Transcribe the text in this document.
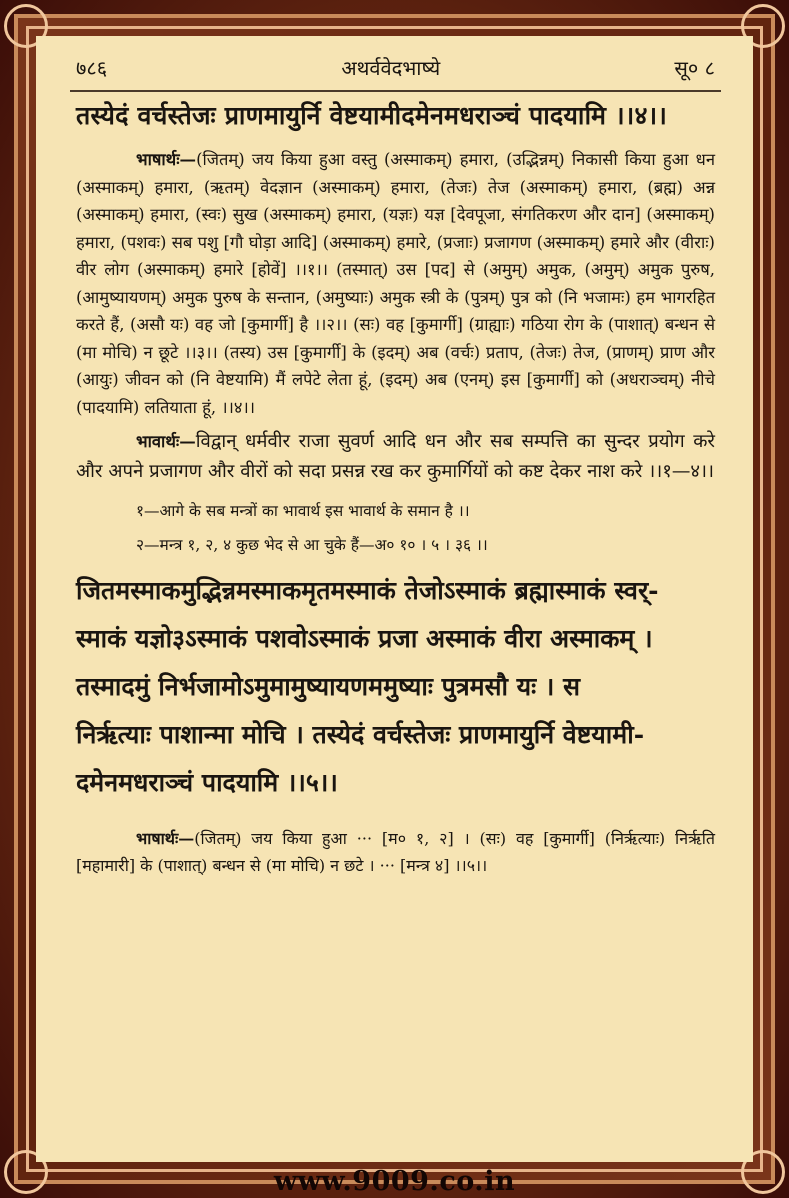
७८६	अथर्ववेदभाष्ये	सू० ८
तस्येदं वर्चस्तेजः प्राणमायुर्नि वेष्टयामीदमेनमधराञ्चं पादयामि ।।४।।
भाषार्थः—(जितम्) जय किया हुआ वस्तु (अस्माकम्) हमारा, (उद्भिन्नम्) निकासी किया हुआ धन (अस्माकम्) हमारा, (ऋतम्) वेदज्ञान (अस्माकम्) हमारा, (तेजः) तेज (अस्माकम्) हमारा, (ब्रह्म) अन्न (अस्माकम्) हमारा, (स्वः) सुख (अस्माकम्) हमारा, (यज्ञः) यज्ञ [देवपूजा, संगतिकरण और दान] (अस्माकम्) हमारा, (पशवः) सब पशु [गौ घोड़ा आदि] (अस्माकम्) हमारे, (प्रजाः) प्रजागण (अस्माकम्) हमारे और (वीराः) वीर लोग (अस्माकम्) हमारे [होवें] ।।१।। (तस्मात्) उस [पद] से (अमुम्) अमुक, (अमुम्) अमुक पुरुष, (आमुष्यायणम्) अमुक पुरुष के सन्तान, (अमुष्याः) अमुक स्त्री के (पुत्रम्) पुत्र को (नि भजामः) हम भागरहित करते हैं, (असौ यः) वह जो [कुमार्गी] है ।।२।। (सः) वह [कुमार्गी] (ग्राह्याः) गठिया रोग के (पाशात्) बन्धन से (मा मोचि) न छूटे ।।३।। (तस्य) उस [कुमार्गी] के (इदम्) अब (वर्चः) प्रताप, (तेजः) तेज, (प्राणम्) प्राण और (आयुः) जीवन को (नि वेष्टयामि) मैं लपेटे लेता हूं, (इदम्) अब (एनम्) इस [कुमार्गी] को (अधराञ्चम्) नीचे (पादयामि) लतियाता हूं, ।।४।।
भावार्थः—विद्वान् धर्मवीर राजा सुवर्ण आदि धन और सब सम्पत्ति का सुन्दर प्रयोग करे और अपने प्रजागण और वीरों को सदा प्रसन्न रख कर कुमार्गियों को कष्ट देकर नाश करे ।।१—४।।
१—आगे के सब मन्त्रों का भावार्थ इस भावार्थ के समान है ।।
२—मन्त्र १, २, ४ कुछ भेद से आ चुके हैं—अ० १० । ५ । ३६ ।।
जितमस्माकमुद्भिन्नमस्माकमृतमस्माकं तेजोऽस्माकं ब्रह्मास्माकं स्वर्-
स्माकं यज्ञो३ऽस्माकं पशवोऽस्माकं प्रजा अस्माकं वीरा अस्माकम् ।
तस्मादमुं निर्भजामोऽमुमामुष्यायणममुष्याः पुत्रमसौ यः । स
निर्ऋत्याः पाशान्मा मोचि । तस्येदं वर्चस्तेजः प्राणमायुर्नि वेष्टयामी-
दमेनमधराञ्चं पादयामि ।।५।।
भाषार्थः—(जितम्) जय किया हुआ ··· [म० १, २] । (सः) वह [कुमार्गी] (निर्ऋत्याः) निर्ऋति [महामारी] के (पाशात्) बन्धन से (मा मोचि) न छटे । ··· [मन्त्र ४] ।।५।।
www.9009.co.in
